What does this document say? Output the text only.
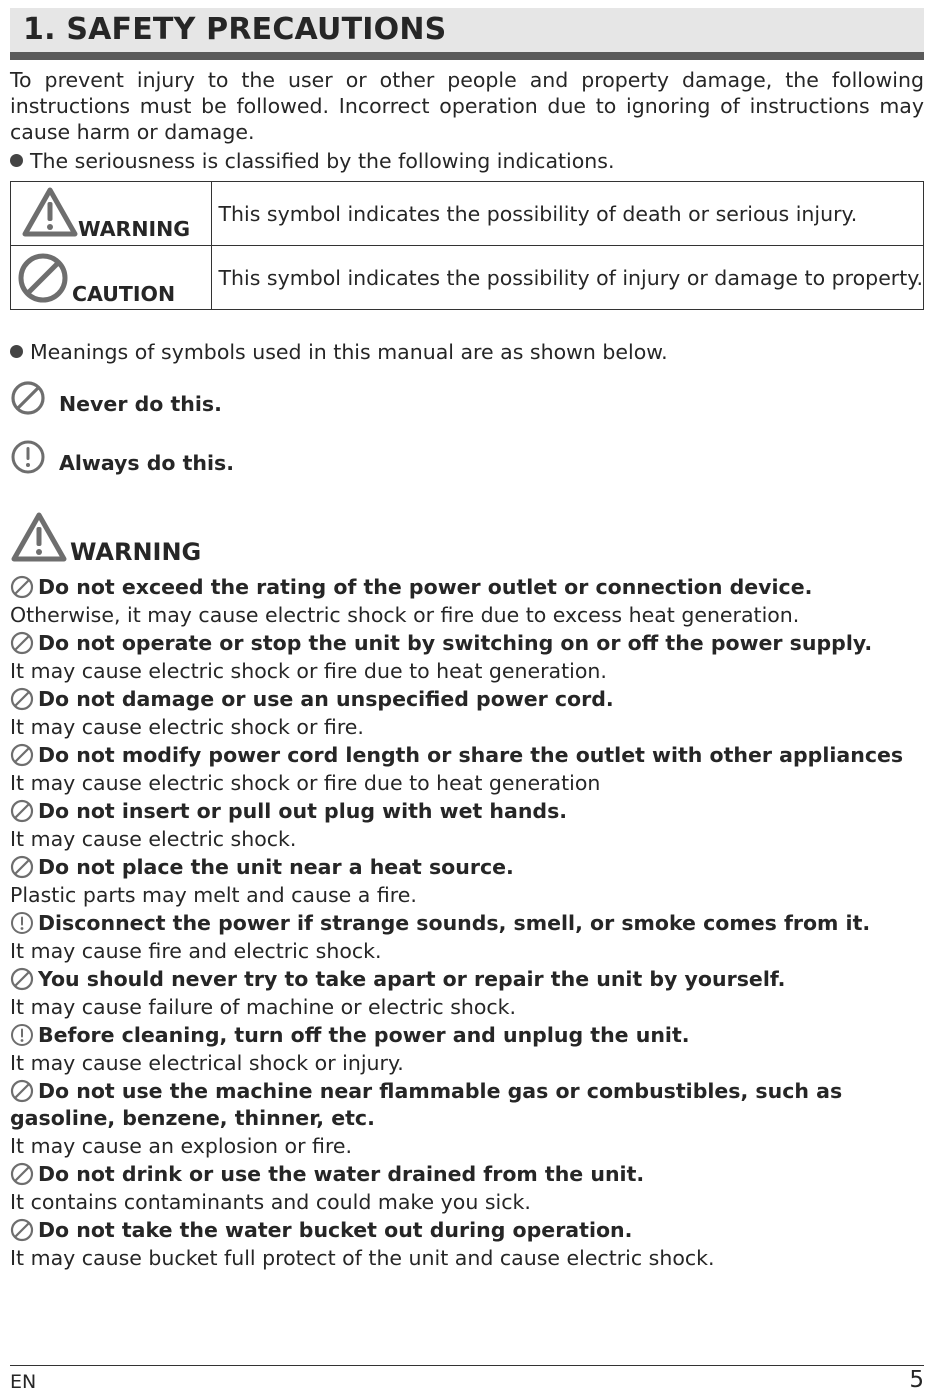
1. SAFETY PRECAUTIONS

To prevent injury to the user or other people and property damage, the following instructions must be followed. Incorrect operation due to ignoring of instructions may cause harm or damage.

The seriousness is classified by the following indications.

WARNING	This symbol indicates the possibility of death or serious injury.

CAUTION	This symbol indicates the possibility of injury or damage to property.

Meanings of symbols used in this manual are as shown below.

Never do this.
Always do this.
WARNING
Do not exceed the rating of the power outlet or connection device.
Otherwise, it may cause electric shock or fire due to excess heat generation.
Do not operate or stop the unit by switching on or off the power supply.
It may cause electric shock or fire due to heat generation.
Do not damage or use an unspecified power cord.
It may cause electric shock or fire.
Do not modify power cord length or share the outlet with other appliances
It may cause electric shock or fire due to heat generation
Do not insert or pull out plug with wet hands.
It may cause electric shock.
Do not place the unit near a heat source.
Plastic parts may melt and cause a fire.
Disconnect the power if strange sounds, smell, or smoke comes from it.
It may cause fire and electric shock.
You should never try to take apart or repair the unit by yourself.
It may cause failure of machine or electric shock.
Before cleaning, turn off the power and unplug the unit.
It may cause electrical shock or injury.
Do not use the machine near flammable gas or combustibles, such as gasoline, benzene, thinner, etc.
It may cause an explosion or fire.
Do not drink or use the water drained from the unit.
It contains contaminants and could make you sick.
Do not take the water bucket out during operation.
It may cause bucket full protect of the unit and cause electric shock.
EN	5
